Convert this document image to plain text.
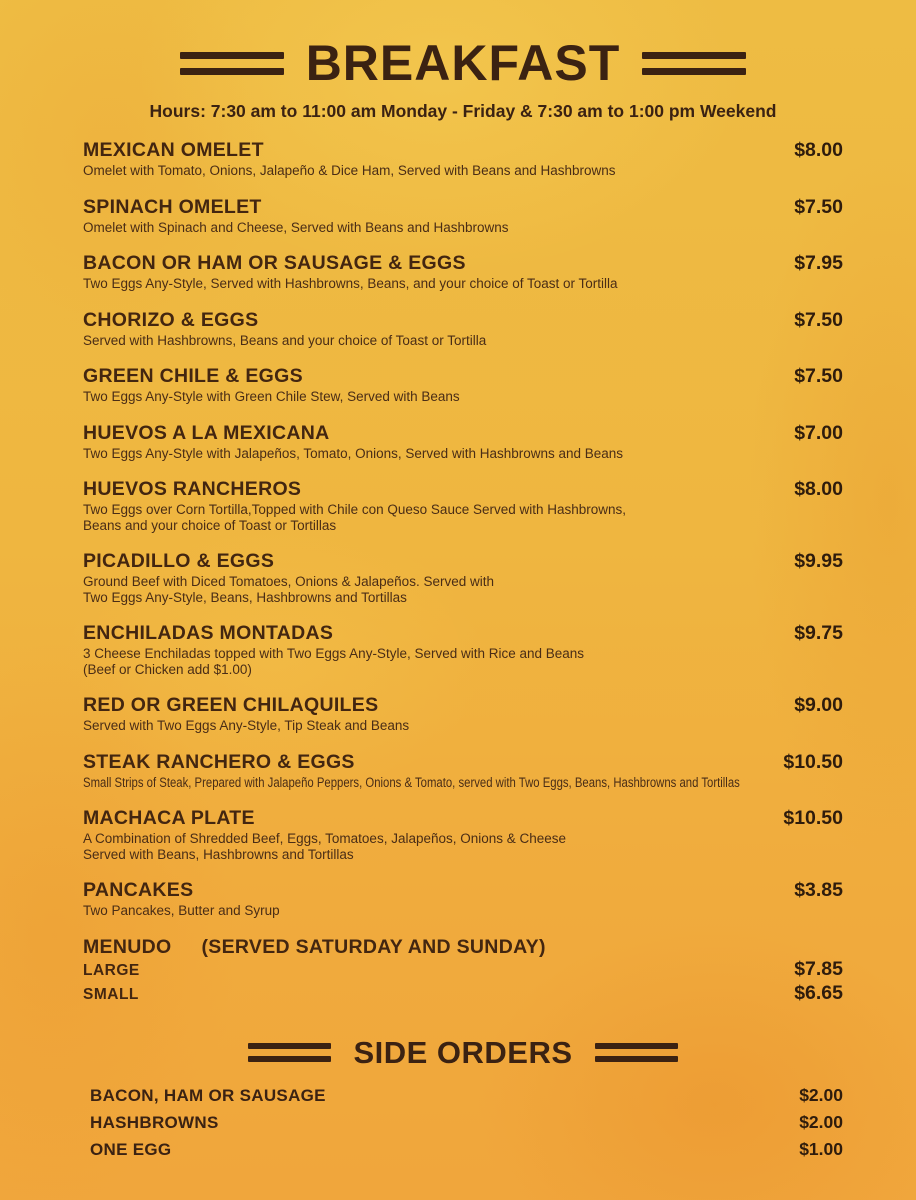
BREAKFAST

Hours: 7:30 am to 11:00 am Monday - Friday & 7:30 am to 1:00 pm Weekend

MEXICAN OMELET	$8.00
Omelet with Tomato, Onions, Jalapeño & Dice Ham, Served with Beans and Hashbrowns
SPINACH OMELET	$7.50
Omelet with Spinach and Cheese, Served with Beans and Hashbrowns
BACON OR HAM OR SAUSAGE & EGGS	$7.95
Two Eggs Any-Style, Served with Hashbrowns, Beans, and your choice of Toast or Tortilla
CHORIZO & EGGS	$7.50
Served with Hashbrowns, Beans and your choice of Toast or Tortilla
GREEN CHILE & EGGS	$7.50
Two Eggs Any-Style with Green Chile Stew, Served with Beans
HUEVOS A LA MEXICANA	$7.00
Two Eggs Any-Style with Jalapeños, Tomato, Onions, Served with Hashbrowns and Beans
HUEVOS RANCHEROS	$8.00
Two Eggs over Corn Tortilla,Topped with Chile con Queso Sauce Served with Hashbrowns,
Beans and your choice of Toast or Tortillas
PICADILLO & EGGS	$9.95
Ground Beef with Diced Tomatoes, Onions & Jalapeños. Served with
Two Eggs Any-Style, Beans, Hashbrowns and Tortillas
ENCHILADAS MONTADAS	$9.75
3 Cheese Enchiladas topped with Two Eggs Any-Style, Served with Rice and Beans
(Beef or Chicken add $1.00)
RED OR GREEN CHILAQUILES	$9.00
Served with Two Eggs Any-Style, Tip Steak and Beans
STEAK RANCHERO & EGGS	$10.50
Small Strips of Steak, Prepared with Jalapeño Peppers, Onions & Tomato, served with Two Eggs, Beans, Hashbrowns and Tortillas
MACHACA PLATE	$10.50
A Combination of Shredded Beef, Eggs, Tomatoes, Jalapeños, Onions & Cheese
Served with Beans, Hashbrowns and Tortillas
PANCAKES	$3.85
Two Pancakes, Butter and Syrup
MENUDO (SERVED SATURDAY AND SUNDAY)
LARGE	$7.85
SMALL	$6.65
SIDE ORDERS
BACON, HAM OR SAUSAGE	$2.00
HASHBROWNS	$2.00
ONE EGG	$1.00
